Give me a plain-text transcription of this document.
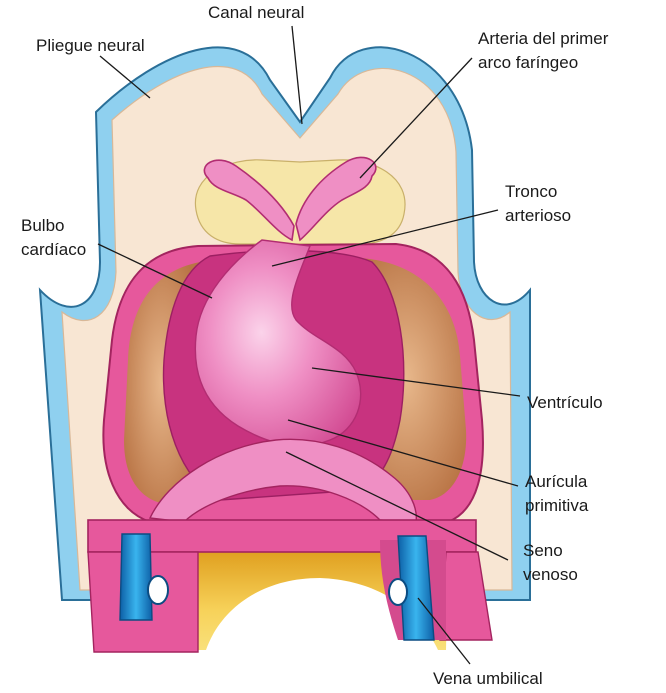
Canal neural
Pliegue neural	Arteria del primer
arco faríngeo
Tronco
arterioso
Bulbo
cardíaco
Ventrículo
Aurícula
primitiva
Seno
venoso
Vena umbilical
